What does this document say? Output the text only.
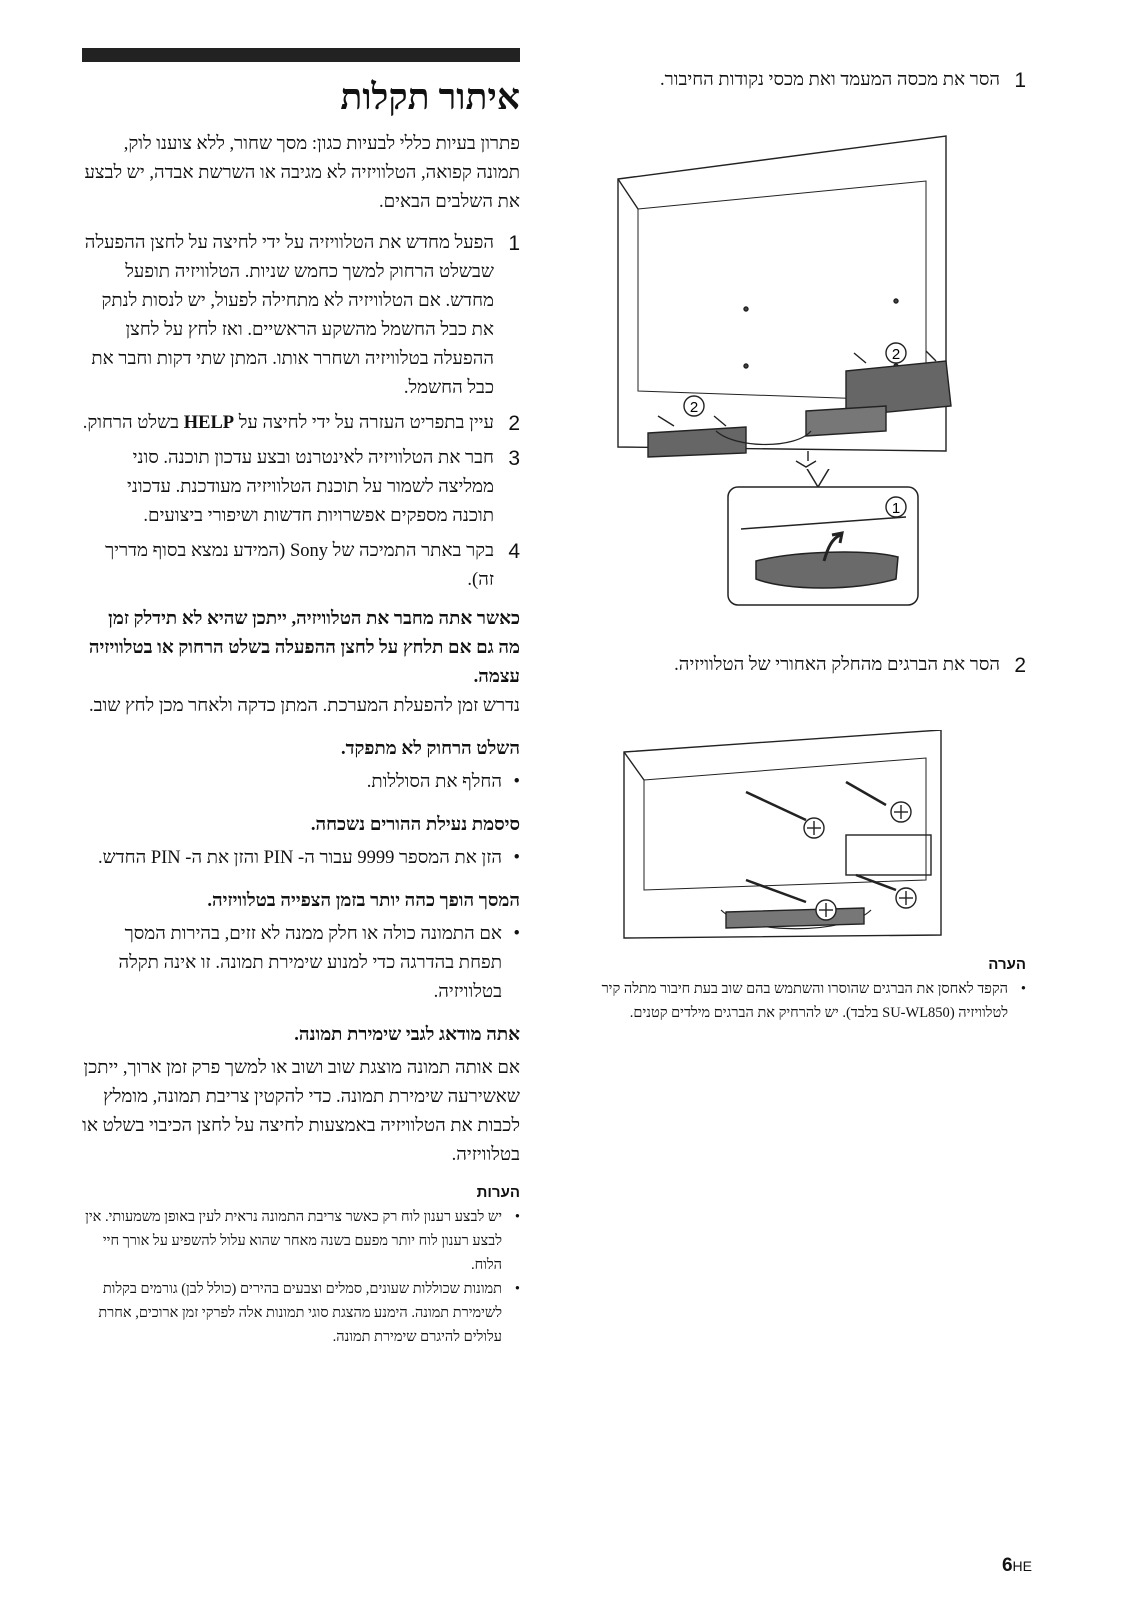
איתור תקלות

פתרון בעיות כללי לבעיות כגון: מסך שחור, ללא צוענו לוק, תמונה קפואה, הטלוויזיה לא מגיבה או השרשת אבדה, יש לבצע את השלבים הבאים.

1
הפעל מחדש את הטלוויזיה על ידי לחיצה על לחצן ההפעלה שבשלט הרחוק למשך כחמש שניות. הטלוויזיה תופעל מחדש. אם הטלוויזיה לא מתחילה לפעול, יש לנסות לנתק את כבל החשמל מהשקע הראשיים. ואז לחץ על לחצן ההפעלה בטלוויזיה ושחרר אותו. המתן שתי דקות וחבר את כבל החשמל.
2
עיין בתפריט העזרה על ידי לחיצה על HELP בשלט הרחוק.
3
חבר את הטלוויזיה לאינטרנט ובצע עדכון תוכנה. סוני ממליצה לשמור על תוכנת הטלוויזיה מעודכנת. עדכוני תוכנה מספקים אפשרויות חדשות ושיפורי ביצועים.
4
בקר באתר התמיכה של Sony (המידע נמצא בסוף מדריך זה).

כאשר אתה מחבר את הטלוויזיה, ייתכן שהיא לא תידלק זמן מה גם אם תלחץ על לחצן ההפעלה בשלט הרחוק או בטלוויזיה עצמה.

נדרש זמן להפעלת המערכת. המתן כדקה ולאחר מכן לחץ שוב.

השלט הרחוק לא מתפקד.
•
החלף את הסוללות.
סיסמת נעילת ההורים נשכחה.
•
הזן את המספר 9999 עבור ה- PIN והזן את ה- PIN החדש.
המסך הופך כהה יותר בזמן הצפייה בטלוויזיה.
•
אם התמונה כולה או חלק ממנה לא זזים, בהירות המסך תפחת בהדרגה כדי למנוע שימירת תמונה. זו אינה תקלה בטלוויזיה.
אתה מודאג לגבי שימירת תמונה.

אם אותה תמונה מוצגת שוב ושוב או למשך פרק זמן ארוך, ייתכן שאשירעה שימירת תמונה. כדי להקטין צריבת תמונה, מומלץ לכבות את הטלוויזיה באמצעות לחיצה על לחצן הכיבוי בשלט או בטלוויזיה.

הערות
•
יש לבצע רענון לוח רק כאשר צריבת התמונה נראית לעין באופן משמעותי. אין לבצע רענון לוח יותר מפעם בשנה מאחר שהוא עלול להשפיע על אורך חיי הלוח.
•
תמונות שכוללות שעונים, סמלים וצבעים בהירים (כולל לבן) גורמים בקלות לשימירת תמונה. הימנע מהצגת סוגי תמונות אלה לפרקי זמן ארוכים, אחרת עלולים להיגרם שימירת תמונה.
1
הסר את מכסה המעמד ואת מכסי נקודות החיבור.
2
2
1
2
הסר את הברגים מהחלק האחורי של הטלוויזיה.
הערה
•
הקפד לאחסן את הברגים שהוסרו והשתמש בהם שוב בעת חיבור מתלה קיר לטלוויזיה (SU-WL850 בלבד). יש להרחיק את הברגים מילדים קטנים.
6HE
